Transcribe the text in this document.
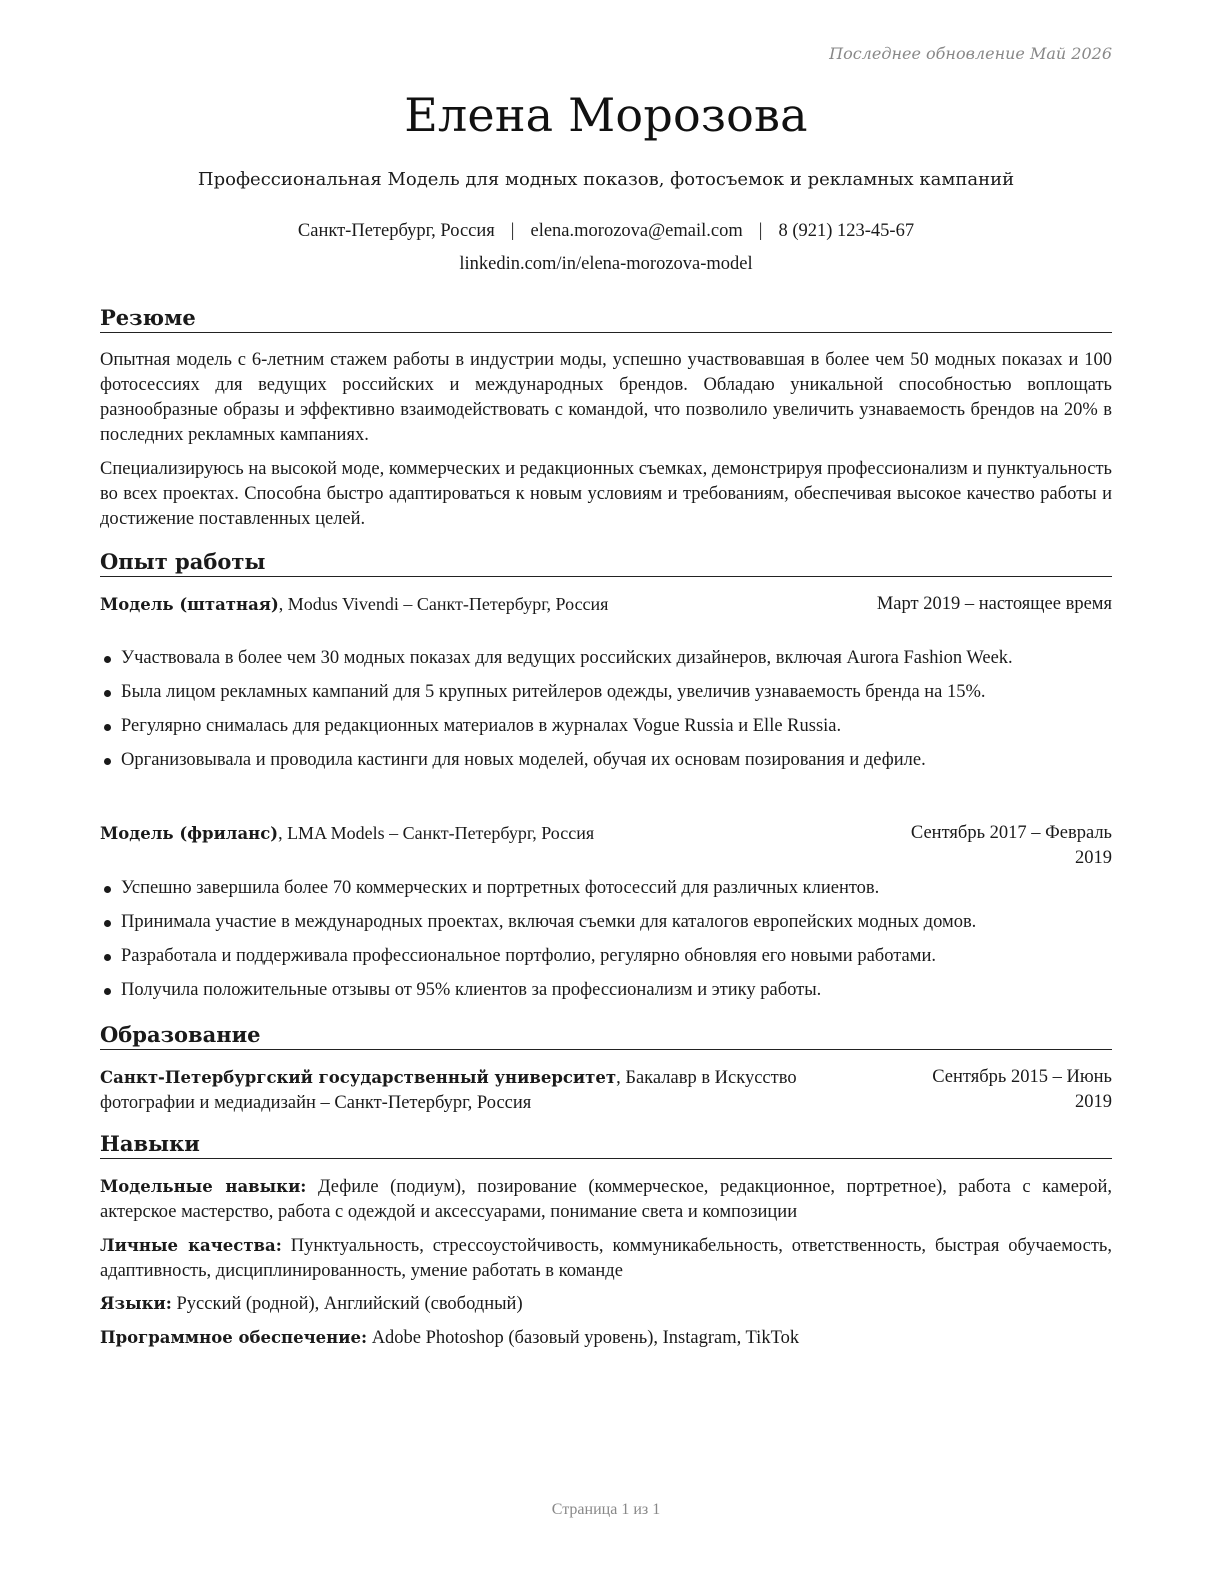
Последнее обновление Май 2026
Елена Морозова

Профессиональная Модель для модных показов, фотосъемок и рекламных кампаний

Санкт-Петербург, Россия | elena.morozova@email.com | 8 (921) 123-45-67
linkedin.com/in/elena-morozova-model
Резюме

Опытная модель с 6-летним стажем работы в индустрии моды, успешно участвовавшая в более чем 50 модных показах и 100 фотосессиях для ведущих российских и международных брендов. Обладаю уникальной способностью воплощать разнообразные образы и эффективно взаимодействовать с командой, что позволило увеличить узнаваемость брендов на 20% в последних рекламных кампаниях.

Специализируюсь на высокой моде, коммерческих и редакционных съемках, демонстрируя профессионализм и пунктуальность во всех проектах. Способна быстро адаптироваться к новым условиям и требованиям, обеспечивая высокое качество работы и достижение поставленных целей.

Опыт работы
Модель (штатная), Modus Vivendi – Санкт-Петербург, Россия	Март 2019 – настоящее время
Участвовала в более чем 30 модных показах для ведущих российских дизайнеров, включая Aurora Fashion Week.
Была лицом рекламных кампаний для 5 крупных ритейлеров одежды, увеличив узнаваемость бренда на 15%.
Регулярно снималась для редакционных материалов в журналах Vogue Russia и Elle Russia.
Организовывала и проводила кастинги для новых моделей, обучая их основам позирования и дефиле.
Модель (фриланс), LMA Models – Санкт-Петербург, Россия	Сентябрь 2017 – Февраль 2019
Успешно завершила более 70 коммерческих и портретных фотосессий для различных клиентов.
Принимала участие в международных проектах, включая съемки для каталогов европейских модных домов.
Разработала и поддерживала профессиональное портфолио, регулярно обновляя его новыми работами.
Получила положительные отзывы от 95% клиентов за профессионализм и этику работы.
Образование
Санкт-Петербургский государственный университет, Бакалавр в Искусство фотографии и медиадизайн – Санкт-Петербург, Россия
Сентябрь 2015 – Июнь 2019
Навыки
Модельные навыки: Дефиле (подиум), позирование (коммерческое, редакционное, портретное), работа с камерой, актерское мастерство, работа с одеждой и аксессуарами, понимание света и композиции
Личные качества: Пунктуальность, стрессоустойчивость, коммуникабельность, ответственность, быстрая обучаемость, адаптивность, дисциплинированность, умение работать в команде
Языки: Русский (родной), Английский (свободный)
Программное обеспечение: Adobe Photoshop (базовый уровень), Instagram, TikTok
Страница 1 из 1
